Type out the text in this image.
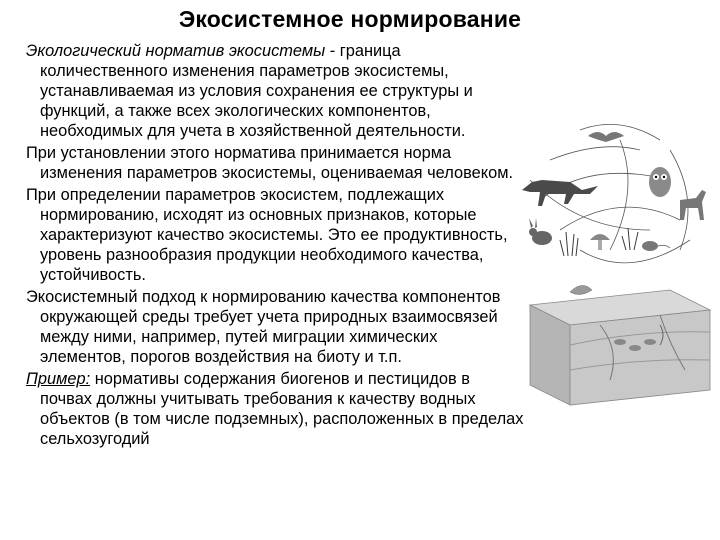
Экосистемное нормирование

Экологический норматив экосистемы - граница количественного изменения параметров экосистемы, устанавливаемая из условия сохранения ее структуры и функций, а также всех экологических компонентов, необходимых для учета в хозяйственной деятельности.

При установлении этого норматива принимается норма изменения параметров экосистемы, оцениваемая человеком.

При определении параметров экосистем, подлежащих нормированию, исходят из основных признаков, которые характеризуют качество экосистемы. Это ее продуктивность, уровень разнообразия продукции необходимого качества, устойчивость.

Экосистемный подход к нормированию качества компонентов окружающей среды требует учета природных взаимосвязей между ними, например, путей миграции химических элементов, порогов воздействия на биоту и т.п.

Пример: нормативы содержания биогенов и пестицидов в почвах должны учитывать требования к качеству водных объектов (в том числе подземных), расположенных в пределах сельхозугодий
